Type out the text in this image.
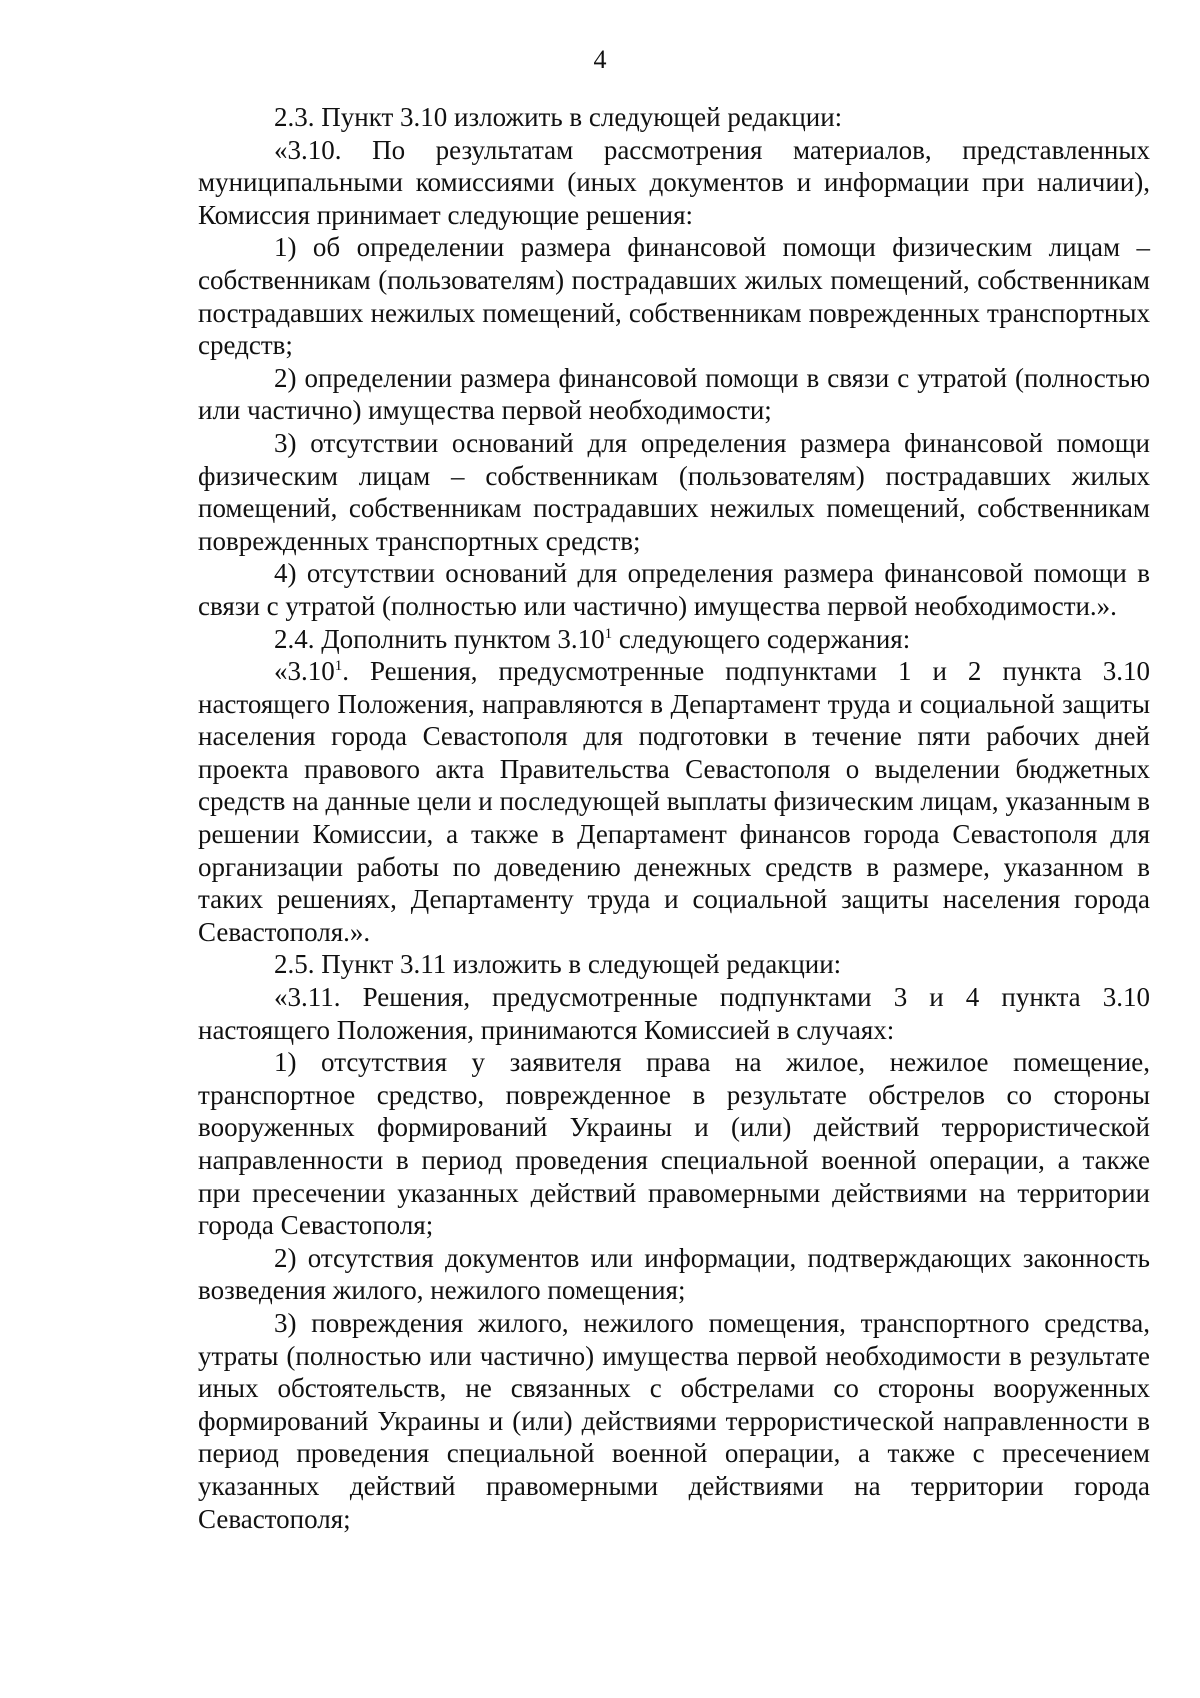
4

2.3. Пункт 3.10 изложить в следующей редакции:

«3.10. По результатам рассмотрения материалов, представленных муниципальными комиссиями (иных документов и информации при наличии), Комиссия принимает следующие решения:

1) об определении размера финансовой помощи физическим лицам – собственникам (пользователям) пострадавших жилых помещений, собственникам пострадавших нежилых помещений, собственникам поврежденных транспортных средств;

2) определении размера финансовой помощи в связи с утратой (полностью или частично) имущества первой необходимости;

3) отсутствии оснований для определения размера финансовой помощи физическим лицам – собственникам (пользователям) пострадавших жилых помещений, собственникам пострадавших нежилых помещений, собственникам поврежденных транспортных средств;

4) отсутствии оснований для определения размера финансовой помощи в связи с утратой (полностью или частично) имущества первой необходимости.».

2.4. Дополнить пунктом 3.10$^1$ следующего содержания:

«3.10$^1$. Решения, предусмотренные подпунктами 1 и 2 пункта 3.10 настоящего Положения, направляются в Департамент труда и социальной защиты населения города Севастополя для подготовки в течение пяти рабочих дней проекта правового акта Правительства Севастополя о выделении бюджетных средств на данные цели и последующей выплаты физическим лицам, указанным в решении Комиссии, а также в Департамент финансов города Севастополя для организации работы по доведению денежных средств в размере, указанном в таких решениях, Департаменту труда и социальной защиты населения города Севастополя.».

2.5. Пункт 3.11 изложить в следующей редакции:

«3.11. Решения, предусмотренные подпунктами 3 и 4 пункта 3.10 настоящего Положения, принимаются Комиссией в случаях:

1) отсутствия у заявителя права на жилое, нежилое помещение, транспортное средство, поврежденное в результате обстрелов со стороны вооруженных формирований Украины и (или) действий террористической направленности в период проведения специальной военной операции, а также при пресечении указанных действий правомерными действиями на территории города Севастополя;

2) отсутствия документов или информации, подтверждающих законность возведения жилого, нежилого помещения;

3) повреждения жилого, нежилого помещения, транспортного средства, утраты (полностью или частично) имущества первой необходимости в результате иных обстоятельств, не связанных с обстрелами со стороны вооруженных формирований Украины и (или) действиями террористической направленности в период проведения специальной военной операции, а также с пресечением указанных действий правомерными действиями на территории города Севастополя;
